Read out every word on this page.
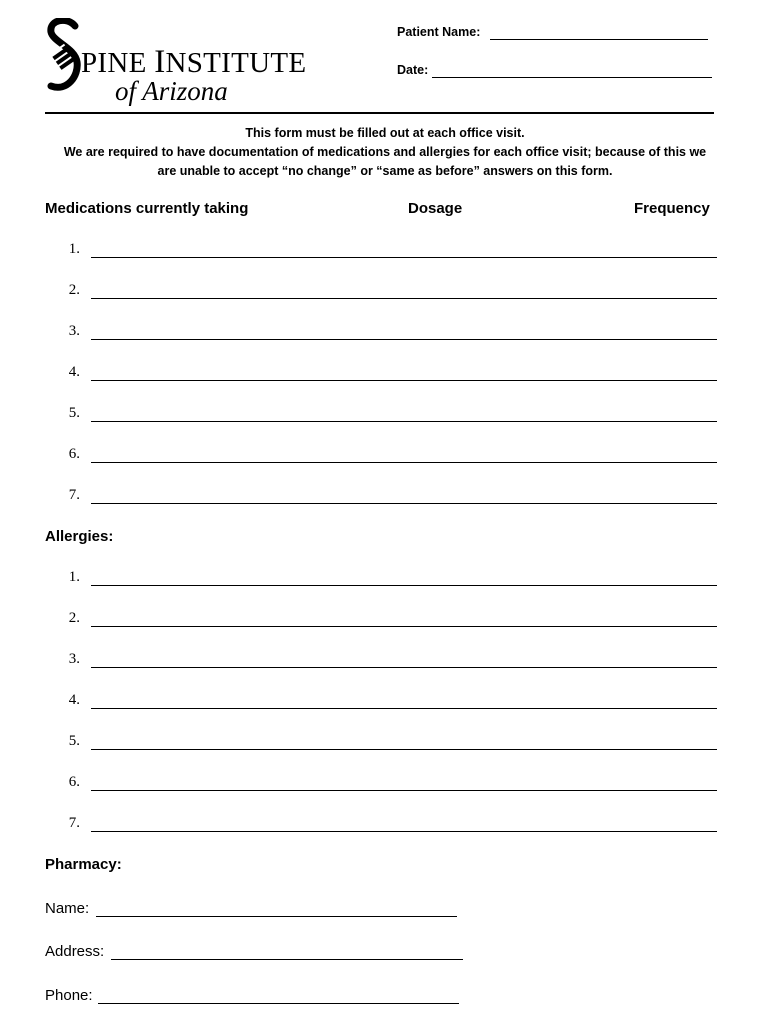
PINE INSTITUTE
of Arizona
Patient Name:
Date:
This form must be filled out at each office visit.
We are required to have documentation of medications and allergies for each office visit; because of this we
are unable to accept “no change” or “same as before” answers on this form.
Medications currently taking	Dosage	Frequency
1.
2.
3.
4.
5.
6.
7.
Allergies:
1.
2.
3.
4.
5.
6.
7.
Pharmacy:
Name:
Address:
Phone:
